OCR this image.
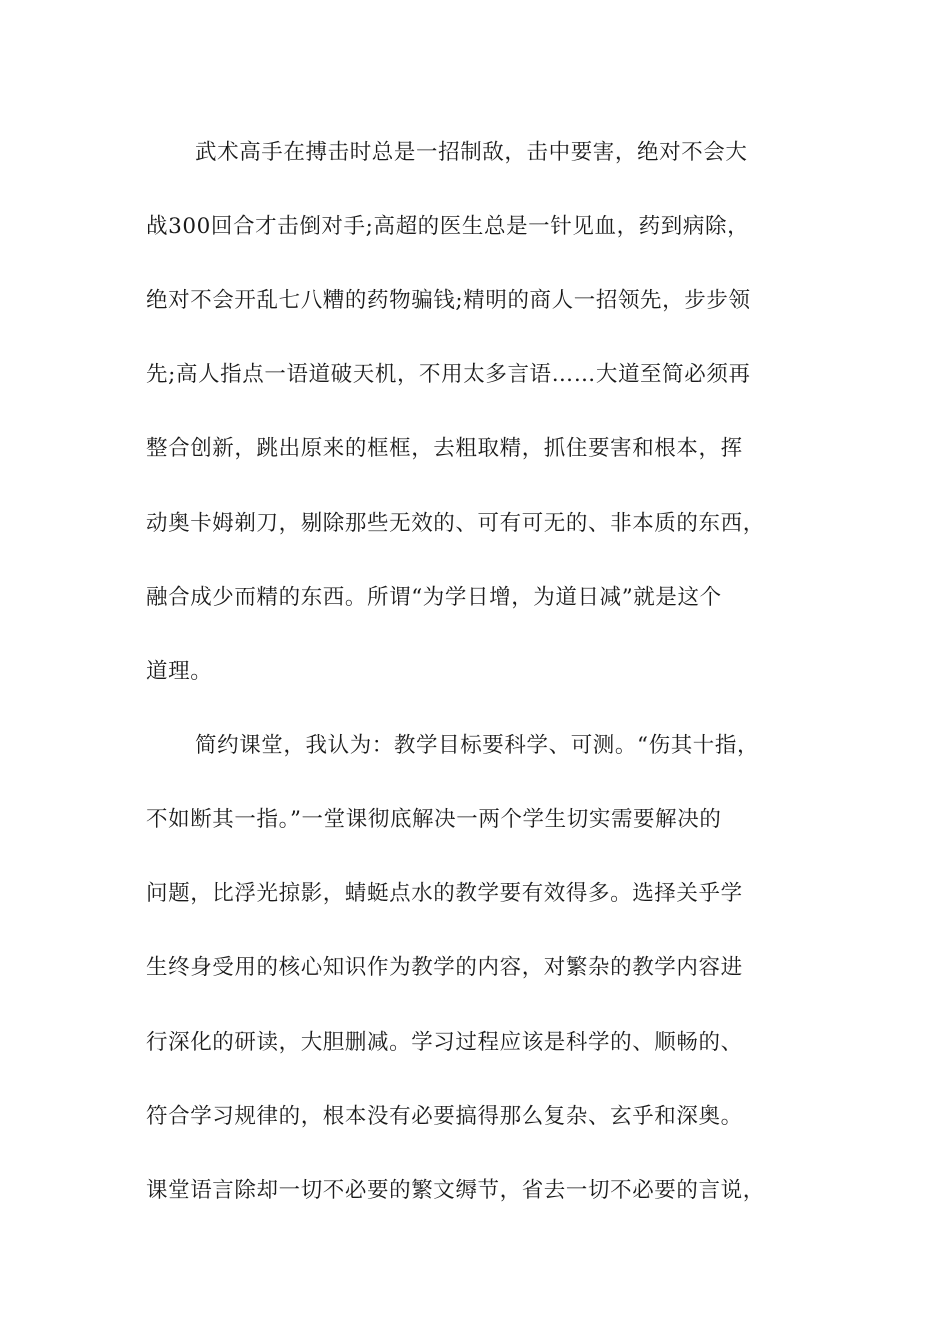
武术高手在搏击时总是一招制敌，击中要害，绝对不会大
战300回合才击倒对手;高超的医生总是一针见血，药到病除，
绝对不会开乱七八糟的药物骗钱;精明的商人一招领先，步步领
先;高人指点一语道破天机，不用太多言语……大道至简必须再
整合创新，跳出原来的框框，去粗取精，抓住要害和根本，挥
动奥卡姆剃刀，剔除那些无效的、可有可无的、非本质的东西，
融合成少而精的东西。所谓“为学日增，为道日减”就是这个
道理。
简约课堂，我认为：教学目标要科学、可测。“伤其十指，
不如断其一指。”一堂课彻底解决一两个学生切实需要解决的
问题，比浮光掠影，蜻蜓点水的教学要有效得多。选择关乎学
生终身受用的核心知识作为教学的内容，对繁杂的教学内容进
行深化的研读，大胆删减。学习过程应该是科学的、顺畅的、
符合学习规律的，根本没有必要搞得那么复杂、玄乎和深奥。
课堂语言除却一切不必要的繁文缛节，省去一切不必要的言说，
